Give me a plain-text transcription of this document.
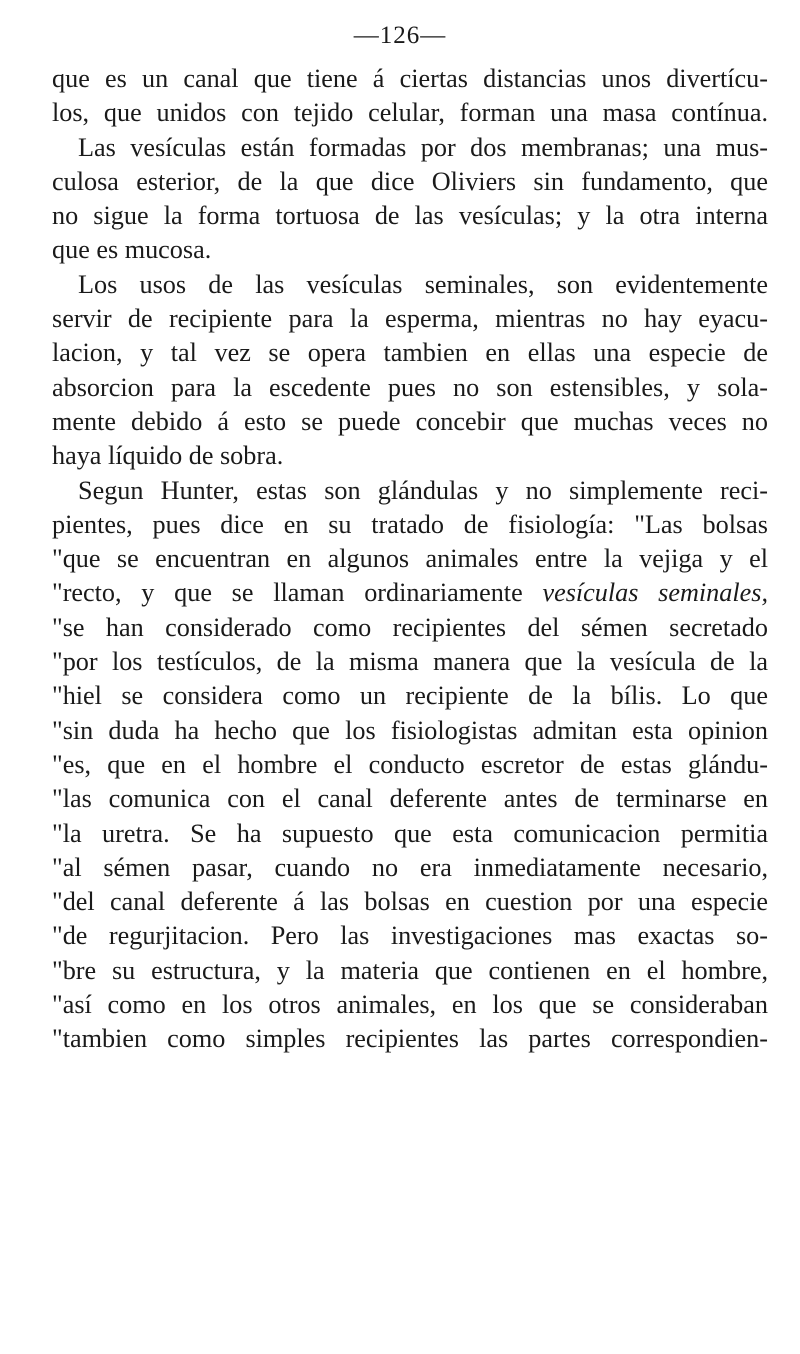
—126—
que es un canal que tiene á ciertas distancias unos divertícu-
los, que unidos con tejido celular, forman una masa contínua.
Las vesículas están formadas por dos membranas; una mus-
culosa esterior, de la que dice Oliviers sin fundamento, que
no sigue la forma tortuosa de las vesículas; y la otra interna
que es mucosa.
Los usos de las vesículas seminales, son evidentemente
servir de recipiente para la esperma, mientras no hay eyacu-
lacion, y tal vez se opera tambien en ellas una especie de
absorcion para la escedente pues no son estensibles, y sola-
mente debido á esto se puede concebir que muchas veces no
haya líquido de sobra.
Segun Hunter, estas son glándulas y no simplemente reci-
pientes, pues dice en su tratado de fisiología: "Las bolsas
"que se encuentran en algunos animales entre la vejiga y el
"recto, y que se llaman ordinariamente vesículas seminales,
"se han considerado como recipientes del sémen secretado
"por los testículos, de la misma manera que la vesícula de la
"hiel se considera como un recipiente de la bílis. Lo que
"sin duda ha hecho que los fisiologistas admitan esta opinion
"es, que en el hombre el conducto escretor de estas glándu-
"las comunica con el canal deferente antes de terminarse en
"la uretra. Se ha supuesto que esta comunicacion permitia
"al sémen pasar, cuando no era inmediatamente necesario,
"del canal deferente á las bolsas en cuestion por una especie
"de regurjitacion. Pero las investigaciones mas exactas so-
"bre su estructura, y la materia que contienen en el hombre,
"así como en los otros animales, en los que se consideraban
"tambien como simples recipientes las partes correspondien-
